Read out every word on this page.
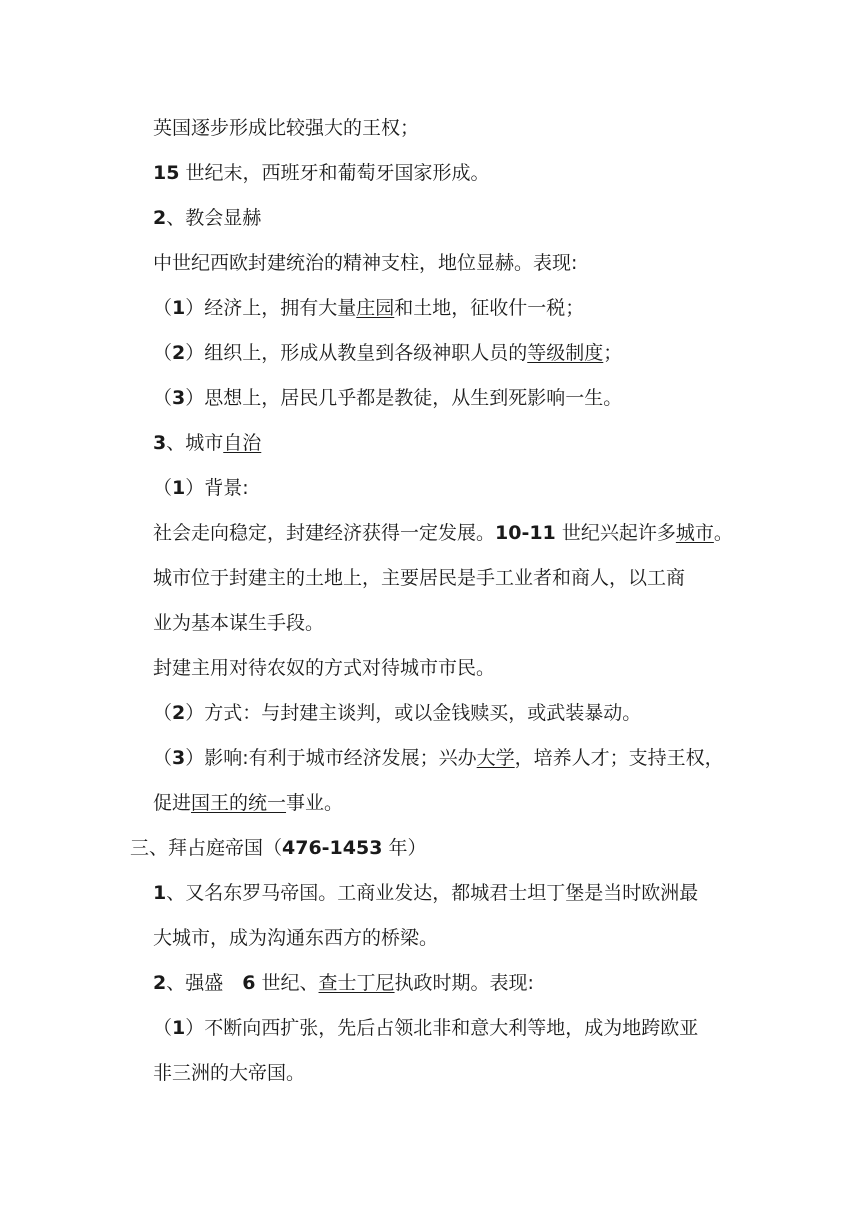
英国逐步形成比较强大的王权；
15 世纪末，西班牙和葡萄牙国家形成。
2、教会显赫
中世纪西欧封建统治的精神支柱，地位显赫。表现:
（1）经济上，拥有大量庄园和土地，征收什一税；
（2）组织上，形成从教皇到各级神职人员的等级制度；
（3）思想上，居民几乎都是教徒，从生到死影响一生。
3、城市自治
（1）背景:
社会走向稳定，封建经济获得一定发展。10-11 世纪兴起许多城市。
城市位于封建主的土地上，主要居民是手工业者和商人，以工商
业为基本谋生手段。
封建主用对待农奴的方式对待城市市民。
（2）方式：与封建主谈判，或以金钱赎买，或武装暴动。
（3）影响:有利于城市经济发展；兴办大学，培养人才；支持王权，
促进国王的统一事业。
三、拜占庭帝国（476-1453 年）
1、又名东罗马帝国。工商业发达，都城君士坦丁堡是当时欧洲最
大城市，成为沟通东西方的桥梁。
2、强盛　6 世纪、查士丁尼执政时期。表现:
（1）不断向西扩张，先后占领北非和意大利等地，成为地跨欧亚
非三洲的大帝国。
